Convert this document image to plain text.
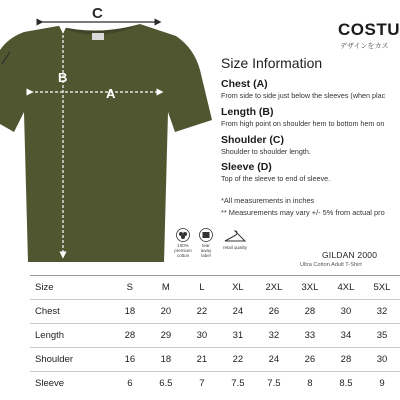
C
B
A
COSTU
デザインをカス
Size Information
Chest (A)
From side to side just below the sleeves (when plac
Length (B)
From high point on shoulder hem to bottom hem on
Shoulder (C)
Shoulder to shoulder length.
Sleeve (D)
Top of the sleeve to end of sleeve.
*All measurements in inches
** Measurements may vary +/- 5% from actual pro
100% premium cotton
tear away label
retail quality
GILDAN 2000
Ultra Cotton Adult T-Shirt
Size	S	M	L	XL	2XL	3XL	4XL	5XL
Chest	18	20	22	24	26	28	30	32
Length	28	29	30	31	32	33	34	35
Shoulder	16	18	21	22	24	26	28	30
Sleeve	6	6.5	7	7.5	7.5	8	8.5	9
